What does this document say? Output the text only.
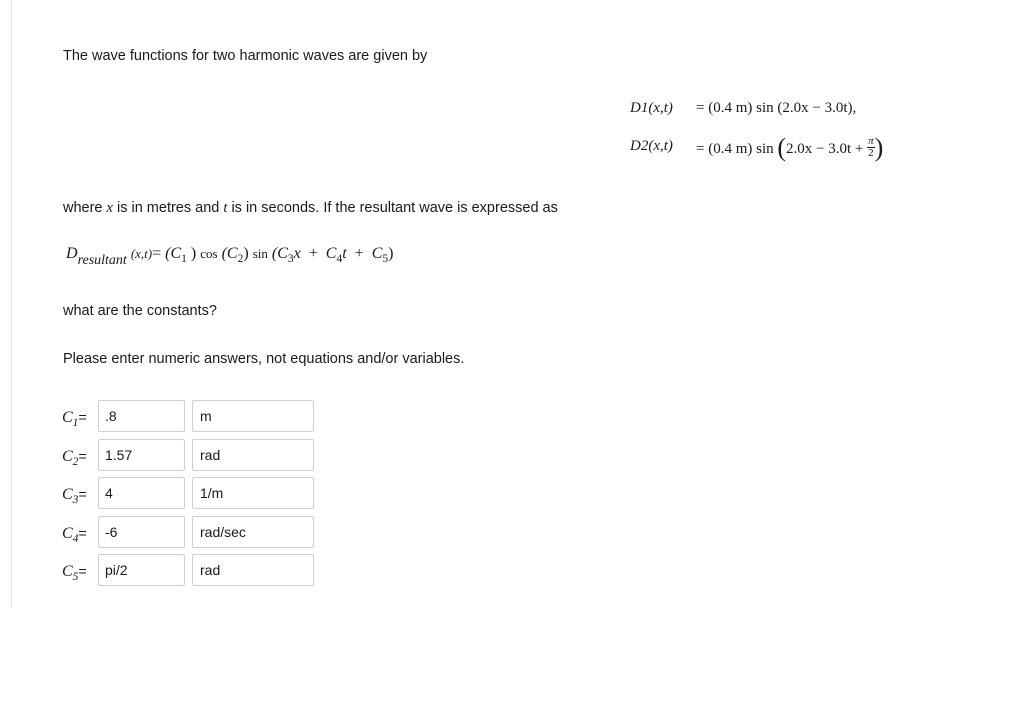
The wave functions for two harmonic waves are given by
D1(x,t) = (0.4 m) sin (2.0x − 3.0t),
D2(x,t) = (0.4 m) $\sin (2.0x - 3.0t + \frac{\pi}{2}$ )
where x is in metres and t is in seconds. If the resultant wave is expressed as
Dresultant $(x,t)= (C_1$ ) $\cos (C_2)$ $\sin (C_3x + C_4t + C_5)$
what are the constants?
Please enter numeric answers, not equations and/or variables.
$C_1=$	.8	m
$C_2=$	1.57	rad
$C_3=$	4	1/m
$C_4=$	-6	rad/sec
$C_5=$	pi/2	rad
